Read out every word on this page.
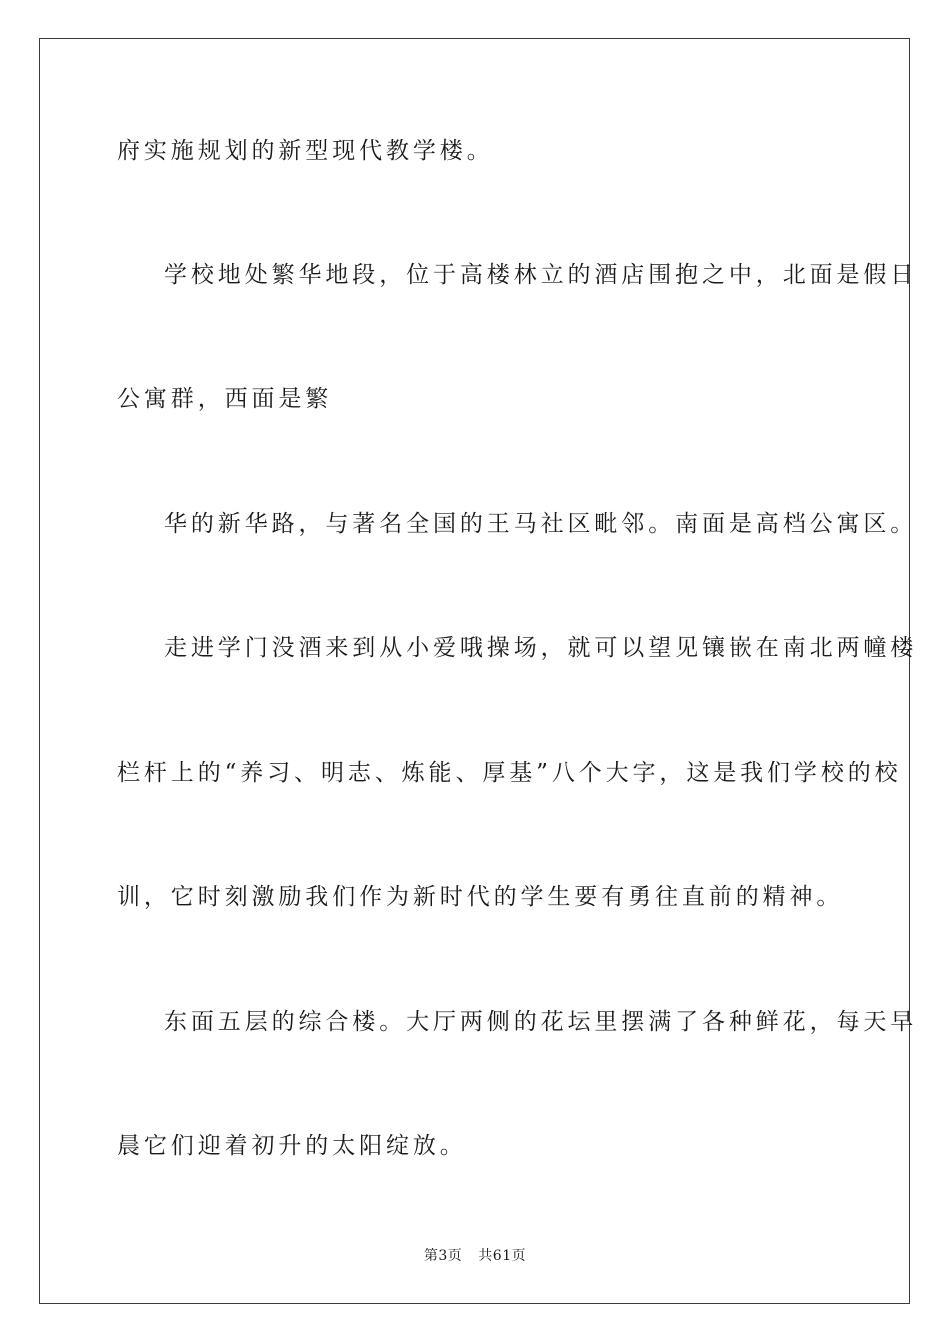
府实施规划的新型现代教学楼。
学校地处繁华地段，位于高楼林立的酒店围抱之中，北面是假日
公寓群，西面是繁
华的新华路，与著名全国的王马社区毗邻。南面是高档公寓区。
走进学门没酒来到从小爱哦操场，就可以望见镶嵌在南北两幢楼
栏杆上的“养习、明志、炼能、厚基”八个大字，这是我们学校的校
训，它时刻激励我们作为新时代的学生要有勇往直前的精神。
东面五层的综合楼。大厅两侧的花坛里摆满了各种鲜花，每天早
晨它们迎着初升的太阳绽放。
第3页 共61页
